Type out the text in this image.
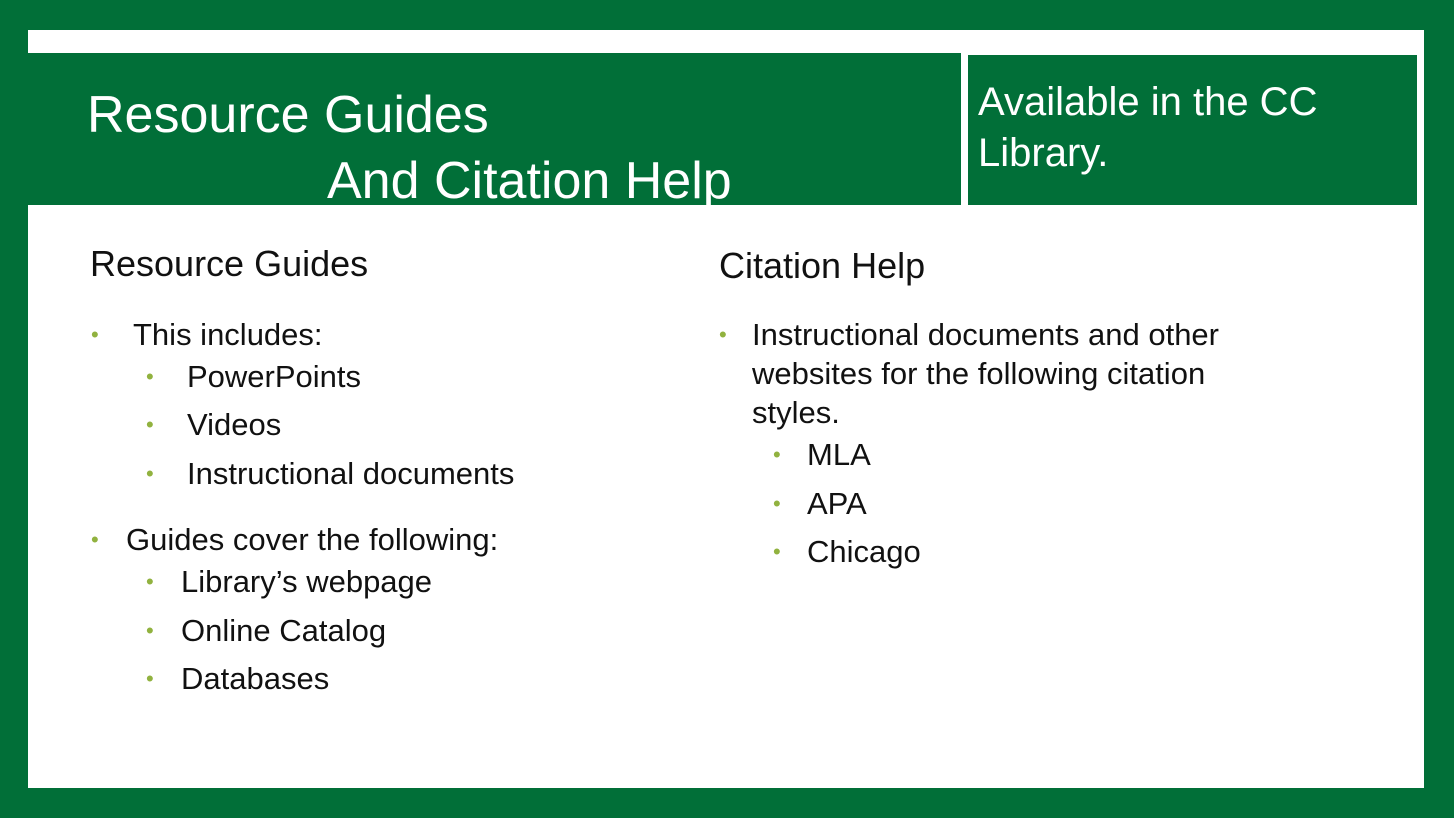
Resource Guides
And Citation Help
Available in the CC Library.
Resource Guides
• This includes:
• PowerPoints
• Videos
• Instructional documents
• Guides cover the following:
• Library’s webpage
• Online Catalog
• Databases
Citation Help
• Instructional documents and other websites for the following citation styles.
• MLA
• APA
• Chicago
